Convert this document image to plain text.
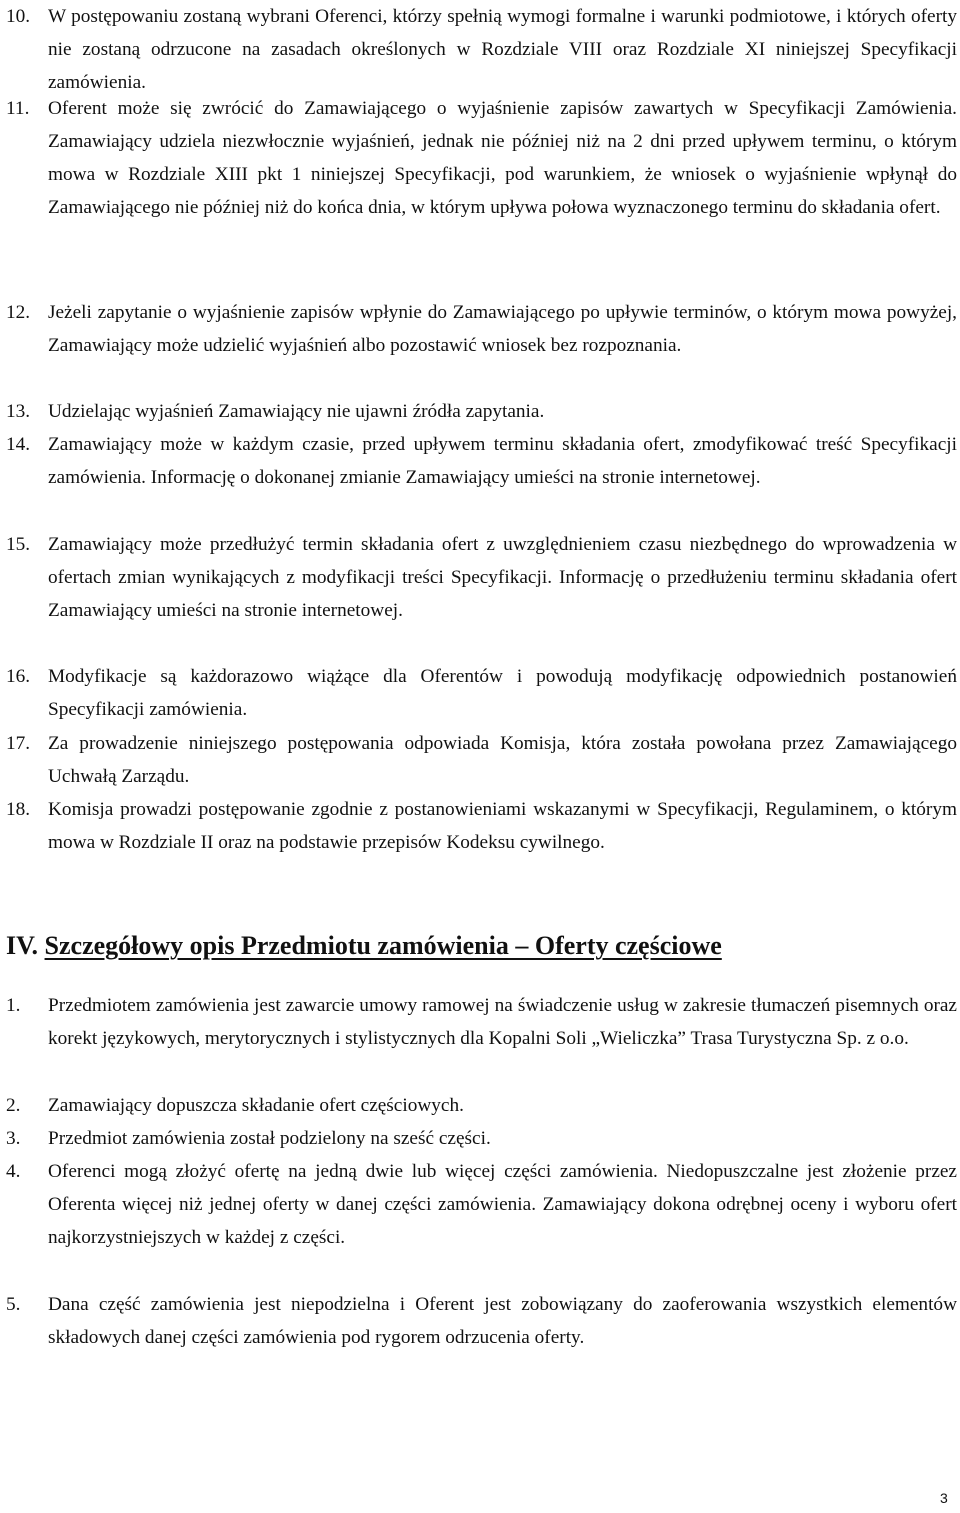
10. W postępowaniu zostaną wybrani Oferenci, którzy spełnią wymogi formalne i warunki podmiotowe, i których oferty nie zostaną odrzucone na zasadach określonych w Rozdziale VIII oraz Rozdziale XI niniejszej Specyfikacji zamówienia.
11. Oferent może się zwrócić do Zamawiającego o wyjaśnienie zapisów zawartych w Specyfikacji Zamówienia. Zamawiający udziela niezwłocznie wyjaśnień, jednak nie później niż na 2 dni przed upływem terminu, o którym mowa w Rozdziale XIII pkt 1 niniejszej Specyfikacji, pod warunkiem, że wniosek o wyjaśnienie wpłynął do Zamawiającego nie później niż do końca dnia, w którym upływa połowa wyznaczonego terminu do składania ofert.
12. Jeżeli zapytanie o wyjaśnienie zapisów wpłynie do Zamawiającego po upływie terminów, o którym mowa powyżej, Zamawiający może udzielić wyjaśnień albo pozostawić wniosek bez rozpoznania.
13. Udzielając wyjaśnień Zamawiający nie ujawni źródła zapytania.
14. Zamawiający może w każdym czasie, przed upływem terminu składania ofert, zmodyfikować treść Specyfikacji zamówienia. Informację o dokonanej zmianie Zamawiający umieści na stronie internetowej.
15. Zamawiający może przedłużyć termin składania ofert z uwzględnieniem czasu niezbędnego do wprowadzenia w ofertach zmian wynikających z modyfikacji treści Specyfikacji. Informację o przedłużeniu terminu składania ofert Zamawiający umieści na stronie internetowej.
16. Modyfikacje są każdorazowo wiążące dla Oferentów i powodują modyfikację odpowiednich postanowień Specyfikacji zamówienia.
17. Za prowadzenie niniejszego postępowania odpowiada Komisja, która została powołana przez Zamawiającego Uchwałą Zarządu.
18. Komisja prowadzi postępowanie zgodnie z postanowieniami wskazanymi w Specyfikacji, Regulaminem, o którym mowa w Rozdziale II oraz na podstawie przepisów Kodeksu cywilnego.
IV. Szczegółowy opis Przedmiotu zamówienia – Oferty częściowe
1.	Przedmiotem zamówienia jest zawarcie umowy ramowej na świadczenie usług w zakresie tłumaczeń pisemnych oraz korekt językowych, merytorycznych i stylistycznych dla Kopalni Soli „Wieliczka” Trasa Turystyczna Sp. z o.o.
2.	Zamawiający dopuszcza składanie ofert częściowych.
3.	Przedmiot zamówienia został podzielony na sześć części.
4.	Oferenci mogą złożyć ofertę na jedną dwie lub więcej części zamówienia. Niedopuszczalne jest złożenie przez Oferenta więcej niż jednej oferty w danej części zamówienia. Zamawiający dokona odrębnej oceny i wyboru ofert najkorzystniejszych w każdej z części.
5.	Dana część zamówienia jest niepodzielna i Oferent jest zobowiązany do zaoferowania wszystkich elementów składowych danej części zamówienia pod rygorem odrzucenia oferty.
3
